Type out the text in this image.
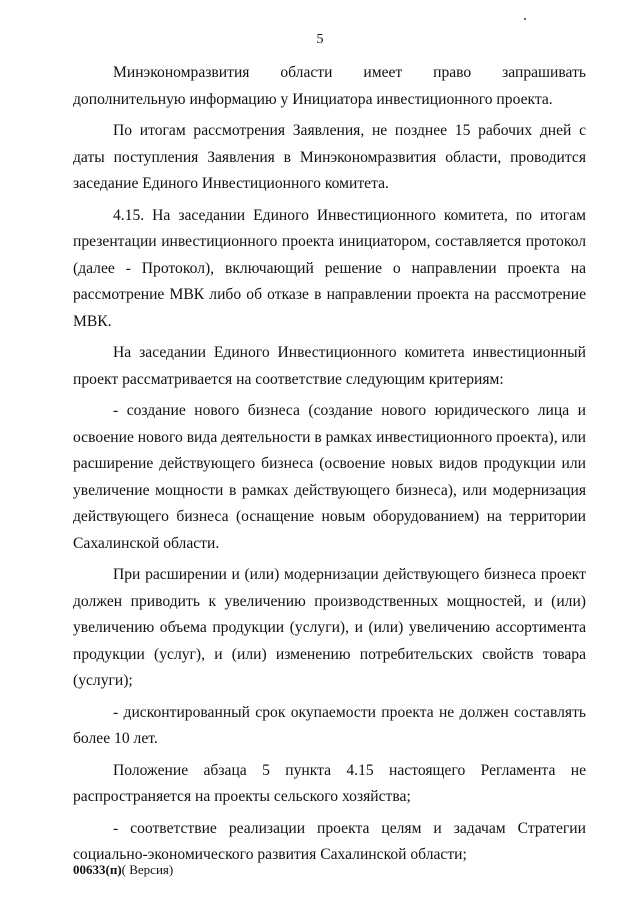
5

Минэкономразвития области имеет право запрашивать дополнительную информацию у Инициатора инвестиционного проекта.

По итогам рассмотрения Заявления, не позднее 15 рабочих дней с даты поступления Заявления в Минэкономразвития области, проводится заседание Единого Инвестиционного комитета.

4.15. На заседании Единого Инвестиционного комитета, по итогам презентации инвестиционного проекта инициатором, составляется протокол (далее - Протокол), включающий решение о направлении проекта на рассмотрение МВК либо об отказе в направлении проекта на рассмотрение МВК.

На заседании Единого Инвестиционного комитета инвестиционный проект рассматривается на соответствие следующим критериям:

- создание нового бизнеса (создание нового юридического лица и освоение нового вида деятельности в рамках инвестиционного проекта), или расширение действующего бизнеса (освоение новых видов продукции или увеличение мощности в рамках действующего бизнеса), или модернизация действующего бизнеса (оснащение новым оборудованием) на территории Сахалинской области.

При расширении и (или) модернизации действующего бизнеса проект должен приводить к увеличению производственных мощностей, и (или) увеличению объема продукции (услуги), и (или) увеличению ассортимента продукции (услуг), и (или) изменению потребительских свойств товара (услуги);

- дисконтированный срок окупаемости проекта не должен составлять более 10 лет.

Положение абзаца 5 пункта 4.15 настоящего Регламента не распространяется на проекты сельского хозяйства;

- соответствие реализации проекта целям и задачам Стратегии социально-экономического развития Сахалинской области;

00633(п)( Версия)
